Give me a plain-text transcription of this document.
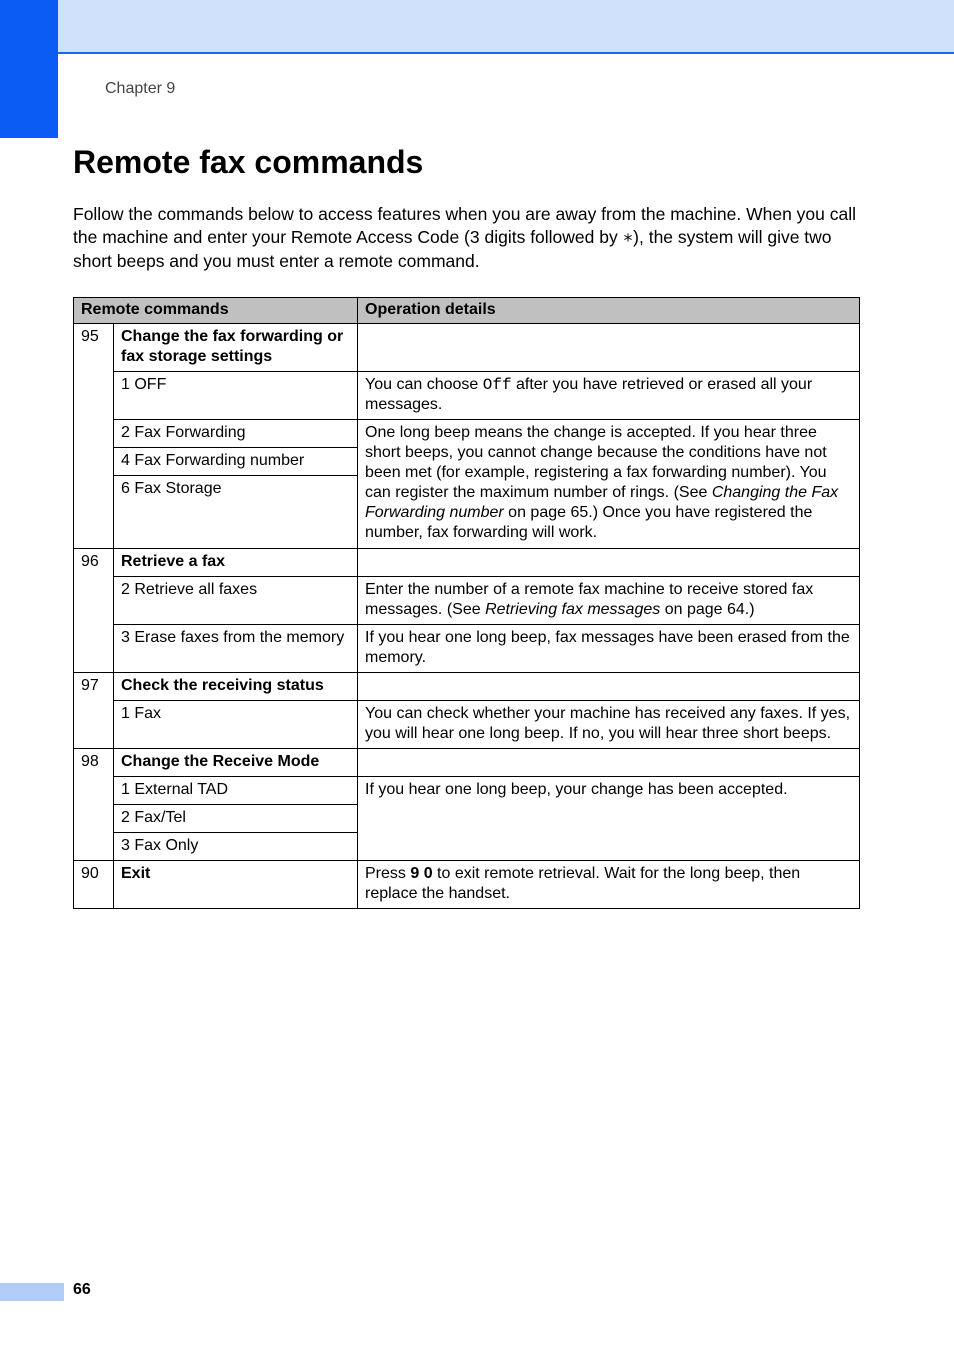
Chapter 9
Remote fax commands

Follow the commands below to access features when you are away from the machine. When you call the machine and enter your Remote Access Code (3 digits followed by ∗), the system will give two short beeps and you must enter a remote command.

Remote commands		Operation details
95	Change the fax forwarding or fax storage settings	
	1 OFF	You can choose Off after you have retrieved or erased all your messages.
	2 Fax Forwarding	One long beep means the change is accepted. If you hear three short beeps, you cannot change because the conditions have not been met (for example, registering a fax forwarding number). You can register the maximum number of rings. (See Changing the Fax Forwarding number on page 65.) Once you have registered the number, fax forwarding will work.
	4 Fax Forwarding number	
	6 Fax Storage	
96	Retrieve a fax	
	2 Retrieve all faxes	Enter the number of a remote fax machine to receive stored fax messages. (See Retrieving fax messages on page 64.)
	3 Erase faxes from the memory	If you hear one long beep, fax messages have been erased from the memory.
97	Check the receiving status	
	1 Fax	You can check whether your machine has received any faxes. If yes, you will hear one long beep. If no, you will hear three short beeps.
98	Change the Receive Mode	
	1 External TAD	If you hear one long beep, your change has been accepted.
	2 Fax/Tel	
	3 Fax Only	
90	Exit	Press 9 0 to exit remote retrieval. Wait for the long beep, then replace the handset.
66
